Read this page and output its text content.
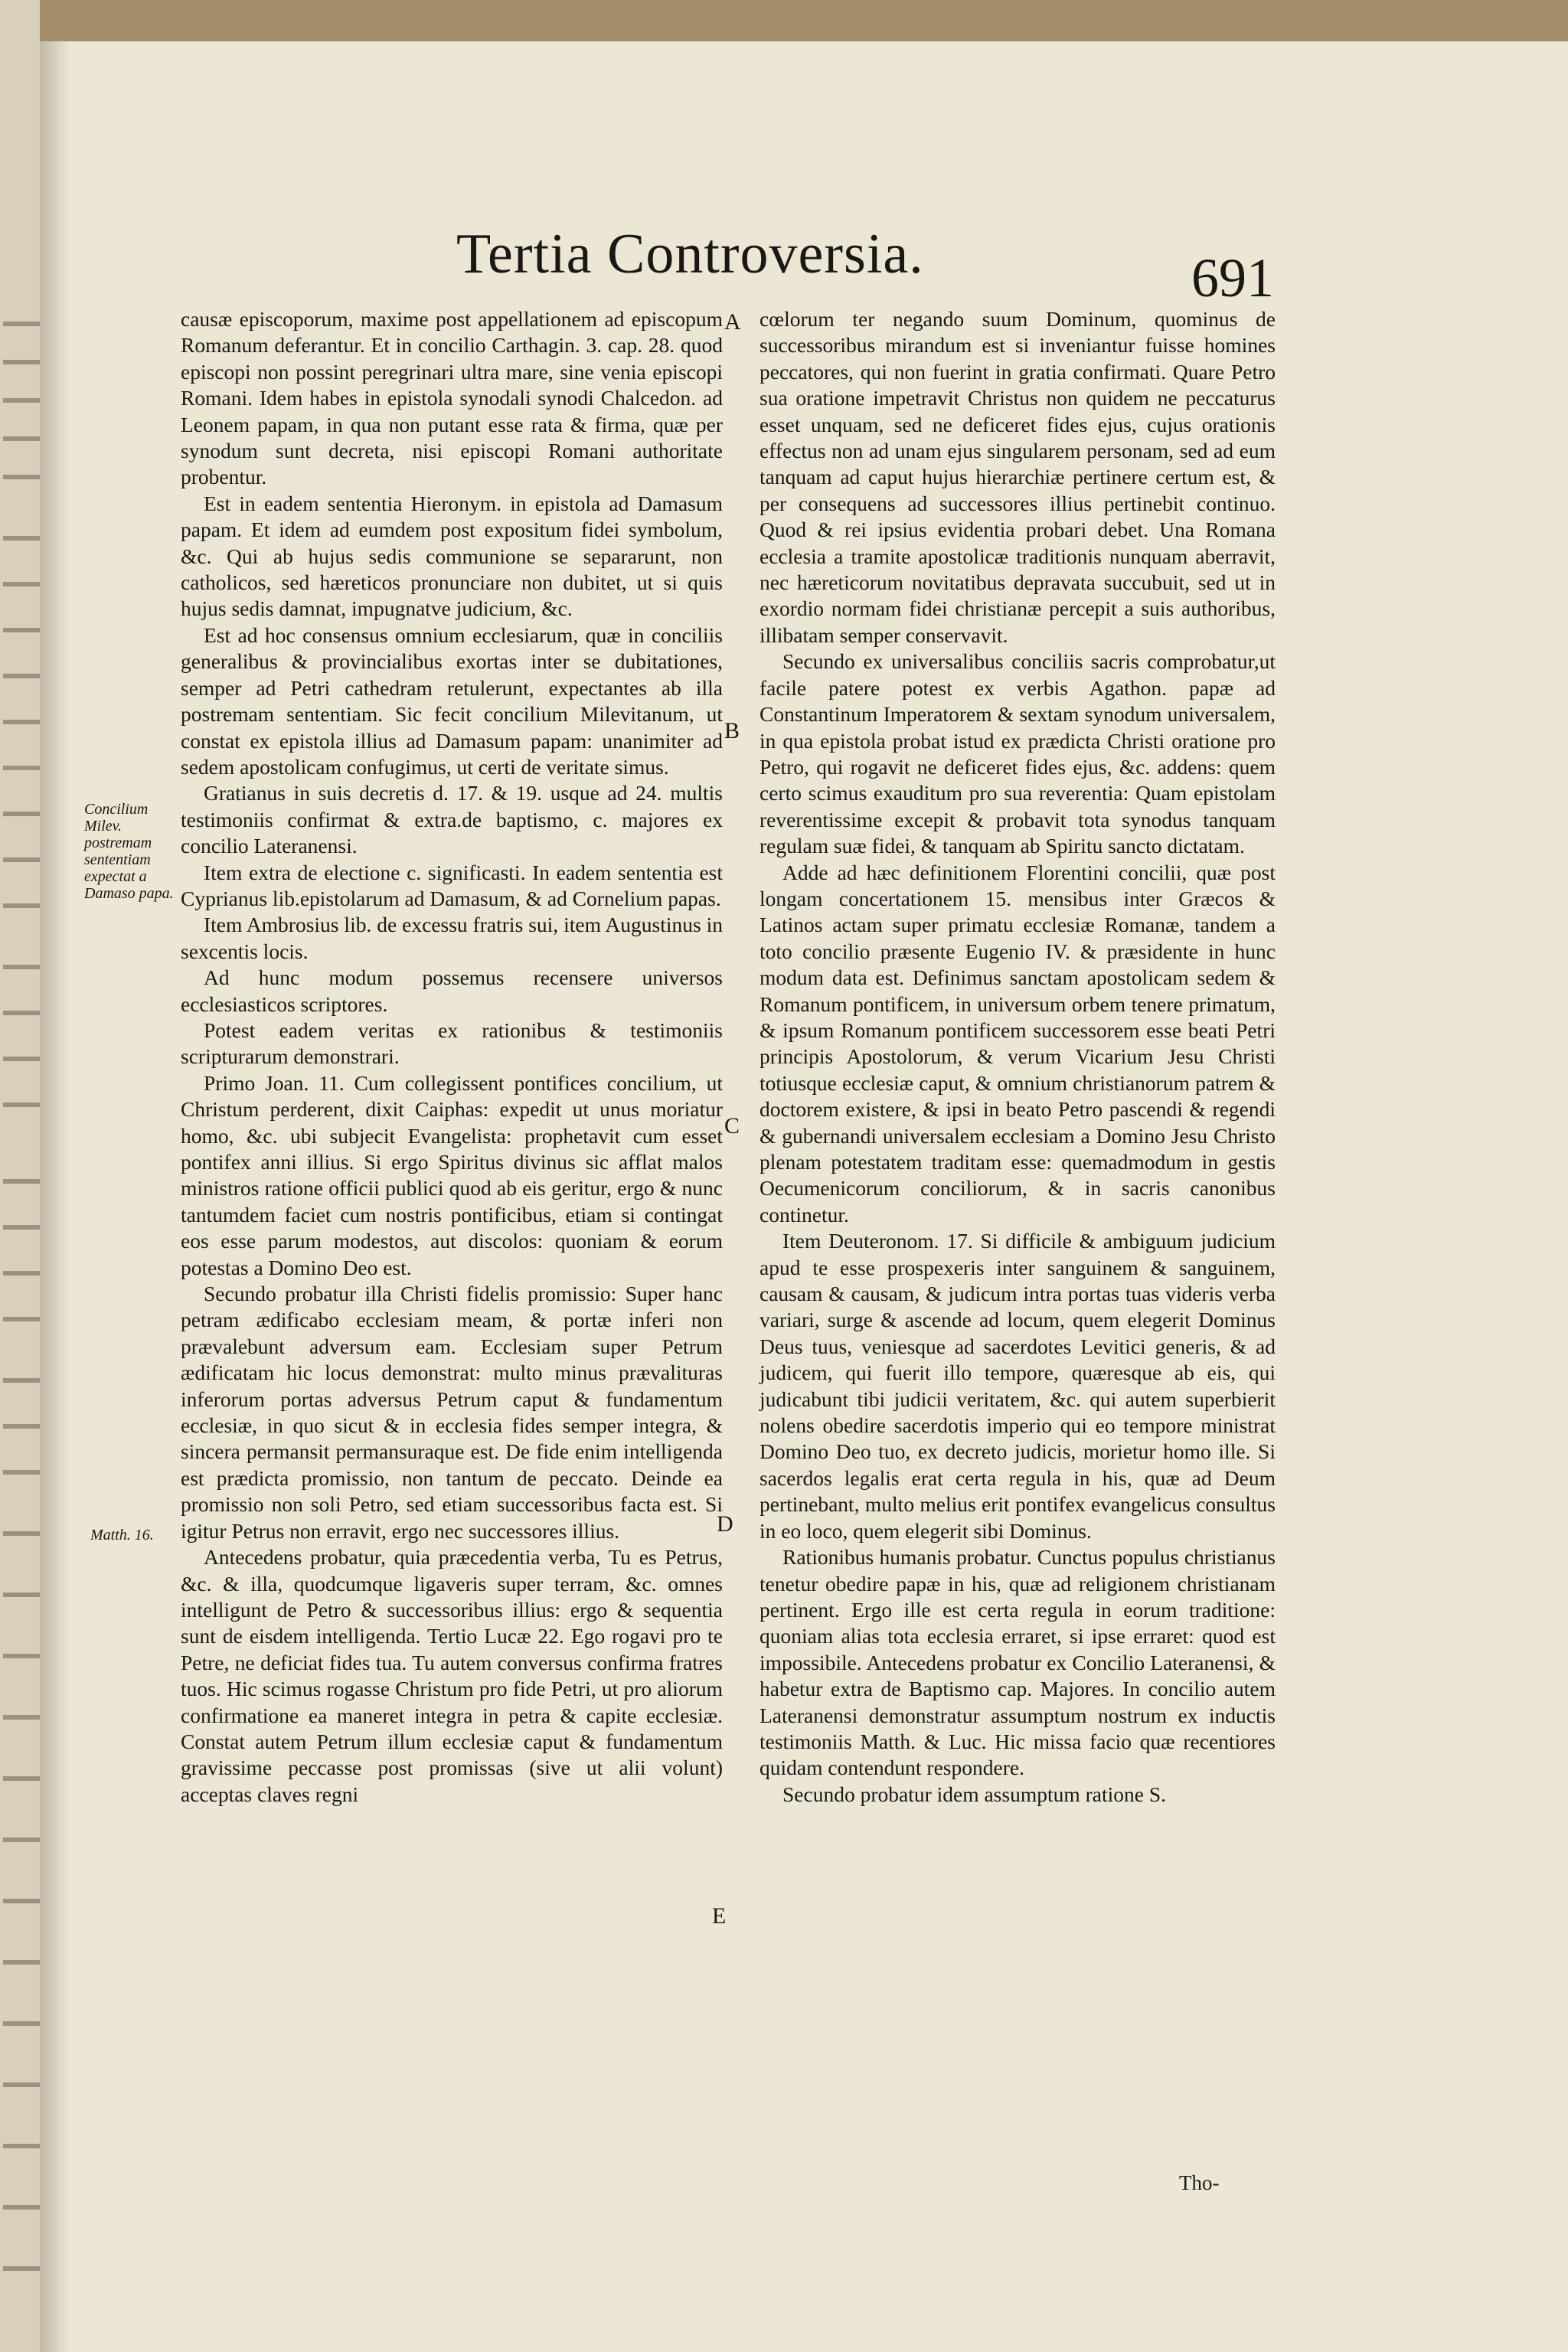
Tertia Controversia.	691

causæ episcoporum, maxime post appellationem ad episcopum Romanum deferantur. Et in concilio Carthagin. 3. cap. 28. quod episcopi non possint peregrinari ultra mare, sine venia episcopi Romani. Idem habes in epistola synodali synodi Chalcedon. ad Leonem papam, in qua non putant esse rata & firma, quæ per synodum sunt decreta, nisi episcopi Romani authoritate probentur.

Est in eadem sententia Hieronym. in epistola ad Damasum papam. Et idem ad eumdem post expositum fidei symbolum, &c. Qui ab hujus sedis communione se separarunt, non catholicos, sed hæreticos pronunciare non dubitet, ut si quis hujus sedis damnat, impugnatve judicium, &c.

Est ad hoc consensus omnium ecclesiarum, quæ in conciliis generalibus & provincialibus exortas inter se dubitationes, semper ad Petri cathedram retulerunt, expectantes ab illa postremam sententiam. Sic fecit concilium Milevitanum, ut constat ex epistola illius ad Damasum papam: unanimiter ad sedem apostolicam confugimus, ut certi de veritate simus.

Gratianus in suis decretis d. 17. & 19. usque ad 24. multis testimoniis confirmat & extra.de baptismo, c. majores ex concilio Lateranensi.

Item extra de electione c. significasti. In eadem sententia est Cyprianus lib.epistolarum ad Damasum, & ad Cornelium papas.

Item Ambrosius lib. de excessu fratris sui, item Augustinus in sexcentis locis.

Ad hunc modum possemus recensere universos ecclesiasticos scriptores.

Potest eadem veritas ex rationibus & testimoniis scripturarum demonstrari.

Primo Joan. 11. Cum collegissent pontifices concilium, ut Christum perderent, dixit Caiphas: expedit ut unus moriatur homo, &c. ubi subjecit Evangelista: prophetavit cum esset pontifex anni illius. Si ergo Spiritus divinus sic afflat malos ministros ratione officii publici quod ab eis geritur, ergo & nunc tantumdem faciet cum nostris pontificibus, etiam si contingat eos esse parum modestos, aut discolos: quoniam & eorum potestas a Domino Deo est.

Secundo probatur illa Christi fidelis promissio: Super hanc petram ædificabo ecclesiam meam, & portæ inferi non prævalebunt adversum eam. Ecclesiam super Petrum ædificatam hic locus demonstrat: multo minus prævalituras inferorum portas adversus Petrum caput & fundamentum ecclesiæ, in quo sicut & in ecclesia fides semper integra, & sincera permansit permansuraque est. De fide enim intelligenda est prædicta promissio, non tantum de peccato. Deinde ea promissio non soli Petro, sed etiam successoribus facta est. Si igitur Petrus non erravit, ergo nec successores illius.

Antecedens probatur, quia præcedentia verba, Tu es Petrus, &c. & illa, quodcumque ligaveris super terram, &c. omnes intelligunt de Petro & successoribus illius: ergo & sequentia sunt de eisdem intelligenda. Tertio Lucæ 22. Ego rogavi pro te Petre, ne deficiat fides tua. Tu autem conversus confirma fratres tuos. Hic scimus rogasse Christum pro fide Petri, ut pro aliorum confirmatione ea maneret integra in petra & capite ecclesiæ. Constat autem Petrum illum ecclesiæ caput & fundamentum gravissime peccasse post promissas (sive ut alii volunt) acceptas claves regni

cœlorum ter negando suum Dominum, quominus de successoribus mirandum est si inveniantur fuisse homines peccatores, qui non fuerint in gratia confirmati. Quare Petro sua oratione impetravit Christus non quidem ne peccaturus esset unquam, sed ne deficeret fides ejus, cujus orationis effectus non ad unam ejus singularem personam, sed ad eum tanquam ad caput hujus hierarchiæ pertinere certum est, & per consequens ad successores illius pertinebit continuo. Quod & rei ipsius evidentia probari debet. Una Romana ecclesia a tramite apostolicæ traditionis nunquam aberravit, nec hæreticorum novitatibus depravata succubuit, sed ut in exordio normam fidei christianæ percepit a suis authoribus, illibatam semper conservavit.

Secundo ex universalibus conciliis sacris comprobatur,ut facile patere potest ex verbis Agathon. papæ ad Constantinum Imperatorem & sextam synodum universalem, in qua epistola probat istud ex prædicta Christi oratione pro Petro, qui rogavit ne deficeret fides ejus, &c. addens: quem certo scimus exauditum pro sua reverentia: Quam epistolam reverentissime excepit & probavit tota synodus tanquam regulam suæ fidei, & tanquam ab Spiritu sancto dictatam.

Adde ad hæc definitionem Florentini concilii, quæ post longam concertationem 15. mensibus inter Græcos & Latinos actam super primatu ecclesiæ Romanæ, tandem a toto concilio præsente Eugenio IV. & præsidente in hunc modum data est. Definimus sanctam apostolicam sedem & Romanum pontificem, in universum orbem tenere primatum, & ipsum Romanum pontificem successorem esse beati Petri principis Apostolorum, & verum Vicarium Jesu Christi totiusque ecclesiæ caput, & omnium christianorum patrem & doctorem existere, & ipsi in beato Petro pascendi & regendi & gubernandi universalem ecclesiam a Domino Jesu Christo plenam potestatem traditam esse: quemadmodum in gestis Oecumenicorum conciliorum, & in sacris canonibus continetur.

Item Deuteronom. 17. Si difficile & ambiguum judicium apud te esse prospexeris inter sanguinem & sanguinem, causam & causam, & judicum intra portas tuas videris verba variari, surge & ascende ad locum, quem elegerit Dominus Deus tuus, veniesque ad sacerdotes Levitici generis, & ad judicem, qui fuerit illo tempore, quæresque ab eis, qui judicabunt tibi judicii veritatem, &c. qui autem superbierit nolens obedire sacerdotis imperio qui eo tempore ministrat Domino Deo tuo, ex decreto judicis, morietur homo ille. Si sacerdos legalis erat certa regula in his, quæ ad Deum pertinebant, multo melius erit pontifex evangelicus consultus in eo loco, quem elegerit sibi Dominus.

Rationibus humanis probatur. Cunctus populus christianus tenetur obedire papæ in his, quæ ad religionem christianam pertinent. Ergo ille est certa regula in eorum traditione: quoniam alias tota ecclesia erraret, si ipse erraret: quod est impossibile. Antecedens probatur ex Concilio Lateranensi, & habetur extra de Baptismo cap. Majores. In concilio autem Lateranensi demonstratur assumptum nostrum ex inductis testimoniis Matth. & Luc. Hic missa facio quæ recentiores quidam contendunt respondere.

Secundo probatur idem assumptum ratione S.

Tho-
Concilium Milev. postremam sententiam expectat a Damaso papa.
Matth. 16.
A
B
C
D
E
